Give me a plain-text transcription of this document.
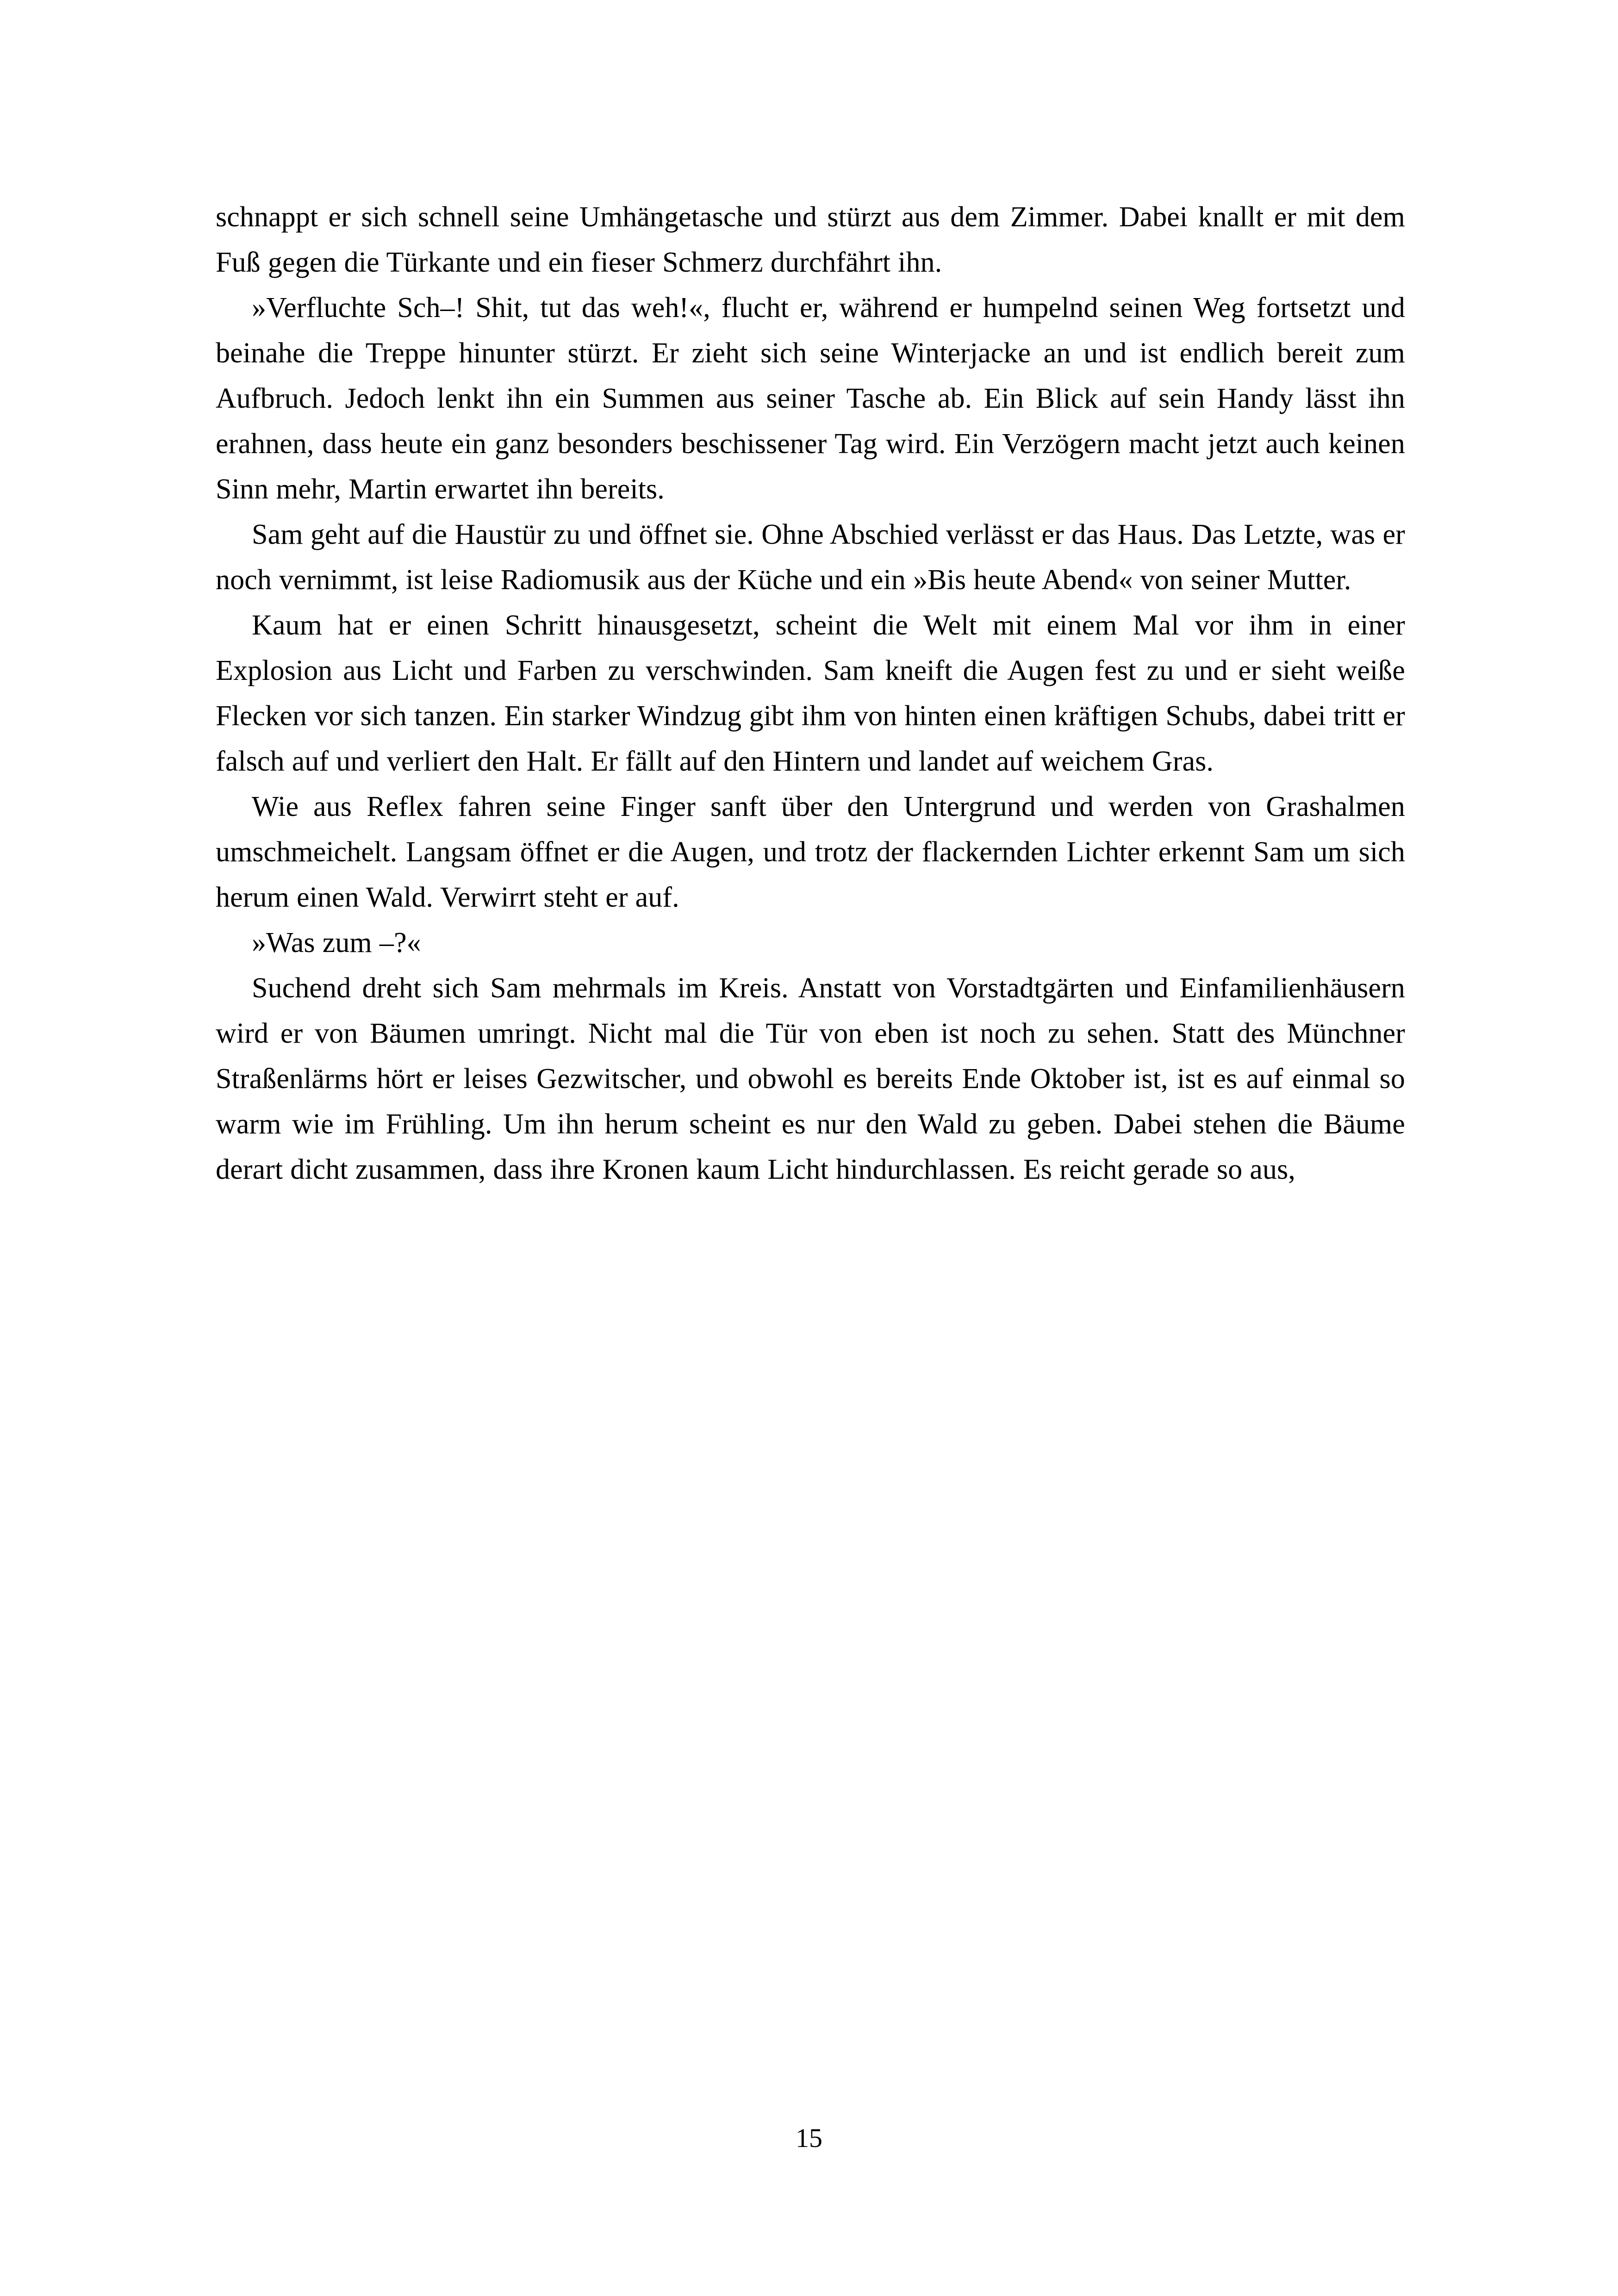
schnappt er sich schnell seine Umhängetasche und stürzt aus dem Zimmer. Dabei knallt er mit dem Fuß gegen die Türkante und ein fieser Schmerz durchfährt ihn.

»Verfluchte Sch–! Shit, tut das weh!«, flucht er, während er humpelnd seinen Weg fortsetzt und beinahe die Treppe hinunter stürzt. Er zieht sich seine Winterjacke an und ist endlich bereit zum Aufbruch. Jedoch lenkt ihn ein Summen aus seiner Tasche ab. Ein Blick auf sein Handy lässt ihn erahnen, dass heute ein ganz besonders beschissener Tag wird. Ein Verzögern macht jetzt auch keinen Sinn mehr, Martin erwartet ihn bereits.

Sam geht auf die Haustür zu und öffnet sie. Ohne Abschied verlässt er das Haus. Das Letzte, was er noch vernimmt, ist leise Radiomusik aus der Küche und ein »Bis heute Abend« von seiner Mutter.

Kaum hat er einen Schritt hinausgesetzt, scheint die Welt mit einem Mal vor ihm in einer Explosion aus Licht und Farben zu verschwinden. Sam kneift die Augen fest zu und er sieht weiße Flecken vor sich tanzen. Ein starker Windzug gibt ihm von hinten einen kräftigen Schubs, dabei tritt er falsch auf und verliert den Halt. Er fällt auf den Hintern und landet auf weichem Gras.

Wie aus Reflex fahren seine Finger sanft über den Untergrund und werden von Grashalmen umschmeichelt. Langsam öffnet er die Augen, und trotz der flackernden Lichter erkennt Sam um sich herum einen Wald. Verwirrt steht er auf.

»Was zum –?«

Suchend dreht sich Sam mehrmals im Kreis. Anstatt von Vorstadtgärten und Einfamilienhäusern wird er von Bäumen umringt. Nicht mal die Tür von eben ist noch zu sehen. Statt des Münchner Straßenlärms hört er leises Gezwitscher, und obwohl es bereits Ende Oktober ist, ist es auf einmal so warm wie im Frühling. Um ihn herum scheint es nur den Wald zu geben. Dabei stehen die Bäume derart dicht zusammen, dass ihre Kronen kaum Licht hindurchlassen. Es reicht gerade so aus,

15
